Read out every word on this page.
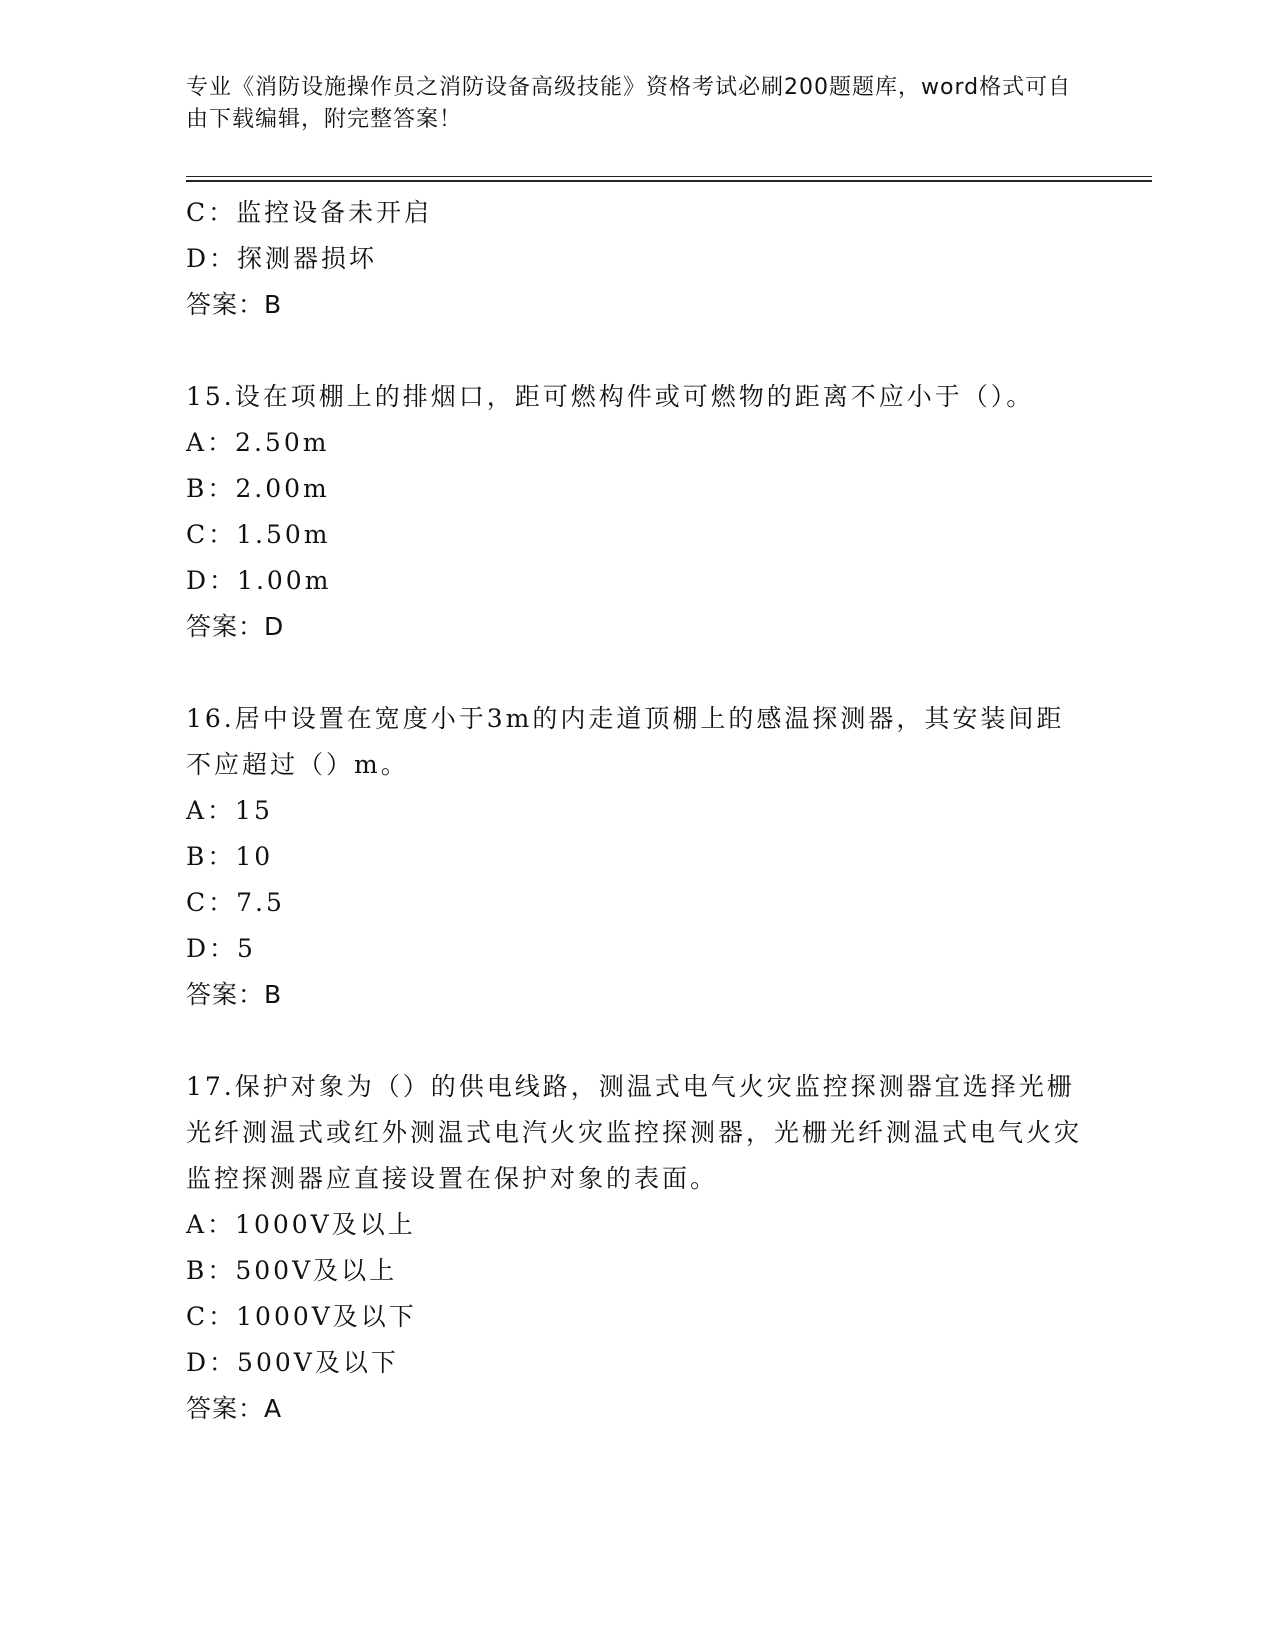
专业《消防设施操作员之消防设备高级技能》资格考试必刷200题题库，word格式可自由下载编辑，附完整答案！
C：监控设备未开启
D：探测器损坏
答案：B
15.设在项棚上的排烟口，距可燃构件或可燃物的距离不应小于（）。
A：2.50m
B：2.00m
C：1.50m
D：1.00m
答案：D
16.居中设置在宽度小于3m的内走道顶棚上的感温探测器，其安装间距不应超过（）m。
A：15
B：10
C：7.5
D：5
答案：B
17.保护对象为（）的供电线路，测温式电气火灾监控探测器宜选择光栅光纤测温式或红外测温式电汽火灾监控探测器，光栅光纤测温式电气火灾监控探测器应直接设置在保护对象的表面。
A：1000V及以上
B：500V及以上
C：1000V及以下
D：500V及以下
答案：A
